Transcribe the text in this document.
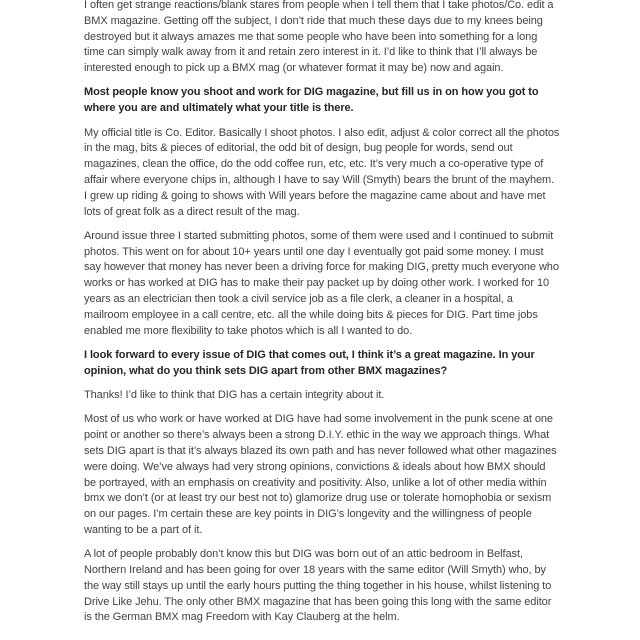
I often get strange reactions/blank stares from people when I tell them that I take photos/Co. edit a BMX magazine. Getting off the subject, I don’t ride that much these days due to my knees being destroyed but it always amazes me that some people who have been into something for a long time can simply walk away from it and retain zero interest in it. I’d like to think that I’ll always be interested enough to pick up a BMX mag (or whatever format it may be) now and again.

Most people know you shoot and work for DIG magazine, but fill us in on how you got to where you are and ultimately what your title is there.

My official title is Co. Editor. Basically I shoot photos. I also edit, adjust & color correct all the photos in the mag, bits & pieces of editorial, the odd bit of design, bug people for words, send out magazines, clean the office, do the odd coffee run, etc, etc. It’s very much a co-operative type of affair where everyone chips in, although I have to say Will (Smyth) bears the brunt of the mayhem. I grew up riding & going to shows with Will years before the magazine came about and have met lots of great folk as a direct result of the mag.

Around issue three I started submitting photos, some of them were used and I continued to submit photos. This went on for about 10+ years until one day I eventually got paid some money. I must say however that money has never been a driving force for making DIG, pretty much everyone who works or has worked at DIG has to make their pay packet up by doing other work. I worked for 10 years as an electrician then took a civil service job as a file clerk, a cleaner in a hospital, a mailroom employee in a call centre, etc. all the while doing bits & pieces for DIG. Part time jobs enabled me more flexibility to take photos which is all I wanted to do.

I look forward to every issue of DIG that comes out, I think it’s a great magazine. In your opinion, what do you think sets DIG apart from other BMX magazines?

Thanks! I’d like to think that DIG has a certain integrity about it.

Most of us who work or have worked at DIG have had some involvement in the punk scene at one point or another so there’s always been a strong D.I.Y. ethic in the way we approach things. What sets DIG apart is that it’s always blazed its own path and has never followed what other magazines were doing. We’ve always had very strong opinions, convictions & ideals about how BMX should be portrayed, with an emphasis on creativity and positivity. Also, unlike a lot of other media within bmx we don’t (or at least try our best not to) glamorize drug use or tolerate homophobia or sexism on our pages. I’m certain these are key points in DIG’s longevity and the willingness of people wanting to be a part of it.

A lot of people probably don’t know this but DIG was born out of an attic bedroom in Belfast, Northern Ireland and has been going for over 18 years with the same editor (Will Smyth) who, by the way still stays up until the early hours putting the thing together in his house, whilst listening to Drive Like Jehu. The only other BMX magazine that has been going this long with the same editor is the German BMX mag Freedom with Kay Clauberg at the helm.
